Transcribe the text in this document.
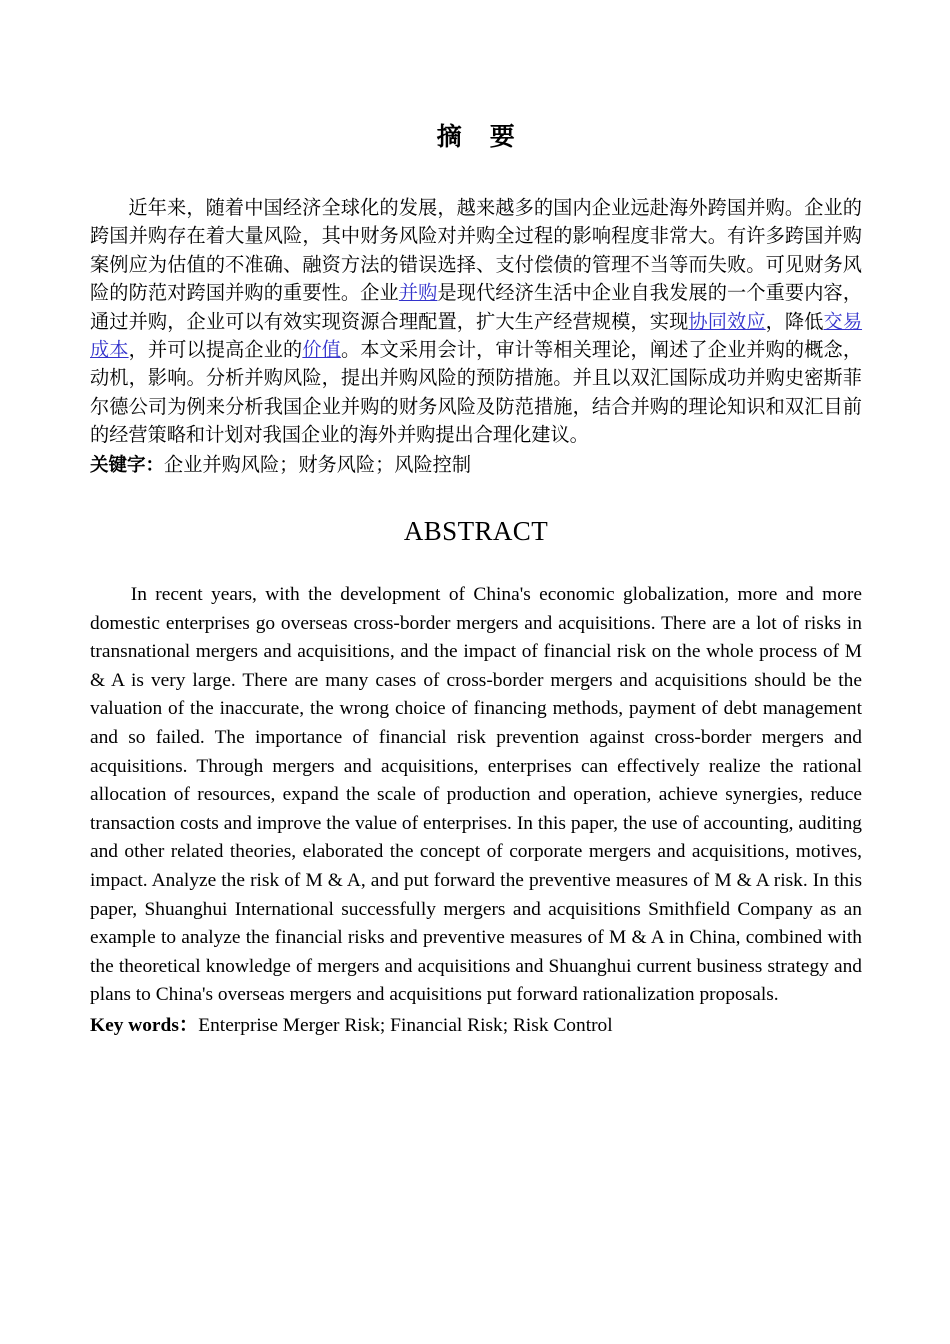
摘   要

近年来，随着中国经济全球化的发展，越来越多的国内企业远赴海外跨国并购。企业的跨国并购存在着大量风险，其中财务风险对并购全过程的影响程度非常大。有许多跨国并购案例应为估值的不准确、融资方法的错误选择、支付偿债的管理不当等而失败。可见财务风险的防范对跨国并购的重要性。企业并购是现代经济生活中企业自我发展的一个重要内容，通过并购，企业可以有效实现资源合理配置，扩大生产经营规模，实现协同效应，降低交易成本，并可以提高企业的价值。本文采用会计，审计等相关理论，阐述了企业并购的概念，动机，影响。分析并购风险，提出并购风险的预防措施。并且以双汇国际成功并购史密斯菲尔德公司为例来分析我国企业并购的财务风险及防范措施，结合并购的理论知识和双汇目前的经营策略和计划对我国企业的海外并购提出合理化建议。

关键字：企业并购风险；财务风险；风险控制

ABSTRACT

In recent years, with the development of China's economic globalization, more and more domestic enterprises go overseas cross-border mergers and acquisitions. There are a lot of risks in transnational mergers and acquisitions, and the impact of financial risk on the whole process of M & A is very large. There are many cases of cross-border mergers and acquisitions should be the valuation of the inaccurate, the wrong choice of financing methods, payment of debt management and so failed. The importance of financial risk prevention against cross-border mergers and acquisitions. Through mergers and acquisitions, enterprises can effectively realize the rational allocation of resources, expand the scale of production and operation, achieve synergies, reduce transaction costs and improve the value of enterprises. In this paper, the use of accounting, auditing and other related theories, elaborated the concept of corporate mergers and acquisitions, motives, impact. Analyze the risk of M & A, and put forward the preventive measures of M & A risk. In this paper, Shuanghui International successfully mergers and acquisitions Smithfield Company as an example to analyze the financial risks and preventive measures of M & A in China, combined with the theoretical knowledge of mergers and acquisitions and Shuanghui current business strategy and plans to China's overseas mergers and acquisitions put forward rationalization proposals.

Key words：Enterprise Merger Risk; Financial Risk; Risk Control
